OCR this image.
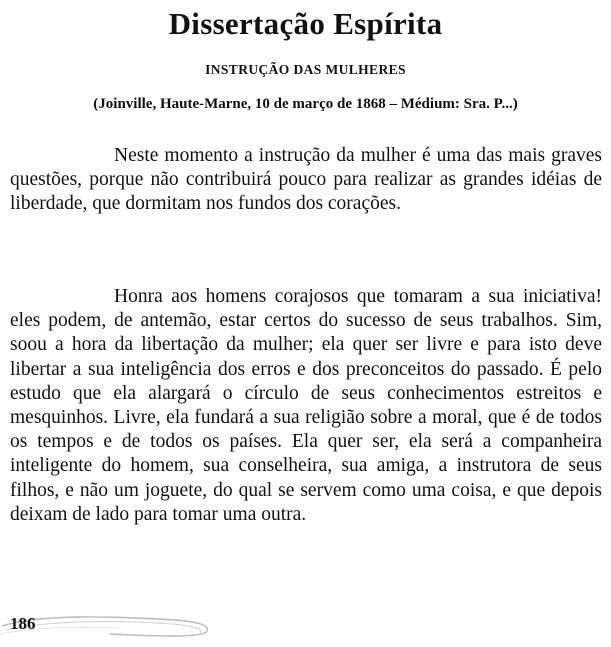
Dissertação Espírita

INSTRUÇÃO DAS MULHERES

(Joinville, Haute-Marne, 10 de março de 1868 – Médium: Sra. P...)

Neste momento a instrução da mulher é uma das mais graves questões, porque não contribuirá pouco para realizar as grandes idéias de liberdade, que dormitam nos fundos dos corações.

Honra aos homens corajosos que tomaram a sua iniciativa! eles podem, de antemão, estar certos do sucesso de seus trabalhos. Sim, soou a hora da libertação da mulher; ela quer ser livre e para isto deve libertar a sua inteligência dos erros e dos preconceitos do passado. É pelo estudo que ela alargará o círculo de seus conhecimentos estreitos e mesquinhos. Livre, ela fundará a sua religião sobre a moral, que é de todos os tempos e de todos os países. Ela quer ser, ela será a companheira inteligente do homem, sua conselheira, sua amiga, a instrutora de seus filhos, e não um joguete, do qual se servem como uma coisa, e que depois deixam de lado para tomar uma outra.

186
